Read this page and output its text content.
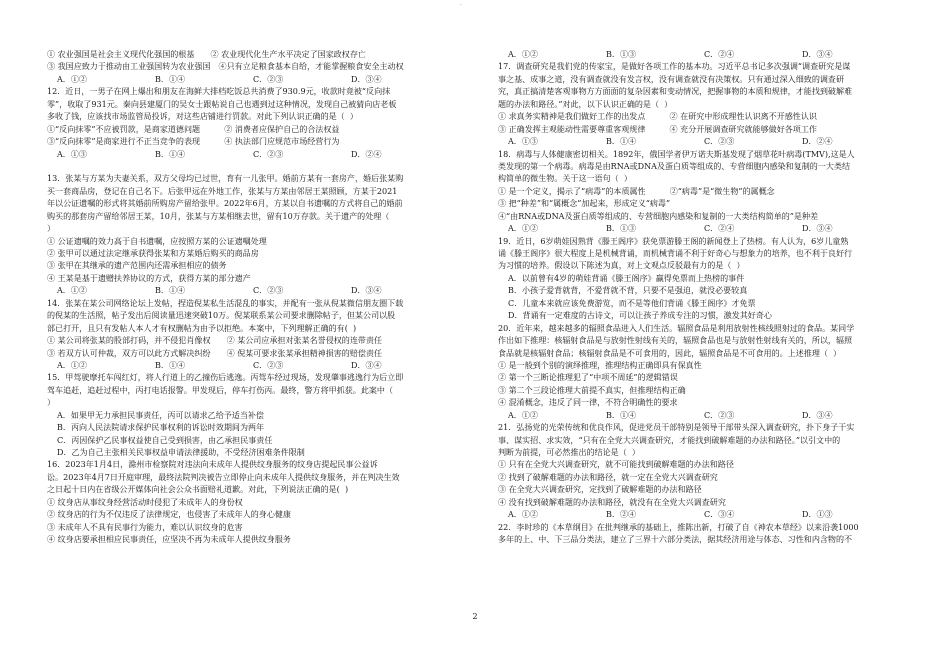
·
① 农业强国是社会主义现代化强国的根基　　② 农业现代化生产水平决定了国家政权存亡
③ 我国应致力于推动由工业强国转为农业强国　④只有立足粮食基本自给，才能掌握粮食安全主动权
A．①②	B．①④	C．②③	D．③④
12．近日，一男子在网上爆出和朋友在海鲜大排档吃饭总共消费了930.9元，收款时竟被“反向抹
零”，收取了931元。秦向县建厦门的吴女士跟帖说自己也遇到过这种情况，发现自己被猜向店老板
多收了钱，应该找市场监管局投诉，对这些店铺进行罚款。对此下列认识正确的是（  ）
①“反向抹零”不应被罚款，是商家道德问题　　　② 消费者应保护自己的合法权益
③“反向抹零”是商家进行不正当竞争的表现　　　④ 执法部门应规范市场经营行为
A．①③	B．①④	C．②③	D．②④
13．张某与方某为夫妻关系，双方父母均已过世，育有一儿张甲。婚前方某有一套房产，婚后张某购
买一套商品房，登记在自己名下。后张甲远在外地工作，张某与方某由邻居王某照顾，方某于2021
年以公证遗嘱的形式将其婚前所购房产留给张甲。2022年6月，方某以自书遗嘱的方式将自己的婚前
购买的那套房产留给邻居王某，10月，张某与方某相继去世，留有10万存款。关于遗产的处理（
）
① 公证遗嘱的效力高于自书遗嘱，应按照方某的公证遗嘱处理
② 张甲可以通过法定继承获得张某和方某婚后购买的商品房
③ 张甲在其继承的遗产范围内还需承担相应的债务
④ 王某是基于遗赠扶养协议的方式，获得方某的部分遗产
A．①②	B．①④	C．②③	D．③④
14．张某在某公司网络论坛上发帖，捏造倪某私生活混乱的事实，并配有一张从倪某微信朋友圈下载
的倪某的生活照，帖子发出后阅读量迅速突破10万。倪某联系某公司要求删除帖子，但某公司以股
部已打开，且只有发帖人本人才有权删帖为由予以拒绝。本案中，下列理解正确的有(  )
① 某公司将张某的股部打码，并不侵犯肖像权　　② 某公司应承担对张某名誉侵权的连带责任
③ 若双方认可仲裁，双方可以此方式解决纠纷　　④ 倪某可要求张某承担精神损害的赔偿责任
A．①②	B．①④	C．②③	D．③④
15．甲驾驶摩托车闯红灯，将人行道上的乙撞伤后逃逸。丙驾车经过现场，发现肇事逃逸行为后立即
驾车追赶，追赶过程中，丙打电话报警。甲发现后，停车打伤丙。最终，警方将甲抓获。此案中（
）
A．如果甲无力承担民事责任，丙可以请求乙给予适当补偿
B．丙向人民法院请求保护民事权利的诉讼时效期间为两年
C．丙因保护乙民事权益使自己受到损害，由乙承担民事责任
D．乙为自己主张相关民事权益申请法律援助，不受经济困难条件限制
16．2023年1月4日，滁州市检察院对违法向未成年人提供纹身服务的纹身店提起民事公益诉
讼。2023年4月7日开庭审理，最终法院判决被告立即停止向未成年人提供纹身服务，并在判决生效
之日起十日内在省级公开媒体向社会公众书面赔礼道歉。对此，下列说法正确的是(  )
① 纹身店从事纹身经营活动时侵犯了未成年人的身份权
② 纹身店的行为不仅违反了法律规定，也侵害了未成年人的身心健康
③ 未成年人不具有民事行为能力，难以认识纹身的危害
④ 纹身店要承担相应民事责任，应坚决不再为未成年人提供纹身服务
A．①②	B．①③	C．②④	D．③④
17．调查研究是我们党的传家宝，是做好各项工作的基本功。习近平总书记多次强调“调查研究是谋
事之基、成事之道，没有调查就没有发言权，没有调查就没有决策权。只有通过深入细致的调查研
究，真正搞清楚客观事物方方面面的复杂因素和变动情况，把握事物的本质和规律，才能找到破解难
题的办法和路径。”对此，以下认识正确的是（  ）
① 求真务实精神是我们做好工作的出发点　　　② 在研究中形成理性认识离不开感性认识
③ 正确发挥主观能动性需要尊重客观规律　　　④ 充分开展调查研究就能够做好各项工作
A．①③	B．①④	C．②③	D．②④
18．病毒与人体健康密切相关。1892年，俄国学者伊万诺夫斯基发现了烟草花叶病毒(TMV),这是人
类发现的第一个病毒。病毒是由RNA或DNA及蛋白质等组成的、专营细胞内感染和复制的一大类结
构简单的微生物。关于这一语句（  ）
① 是一个定义，揭示了“病毒”的本质属性　　　②“病毒”是“微生物”的属概念
③ 把“种差”和“属概念”加起来，形成定义“病毒”
④“由RNA或DNA及蛋白质等组成的、专营细胞内感染和复制的一大类结构简单的”是种差
A．①②	B．①③	C．②④	D．③④
19．近日，6岁萌娃因熟背《滕王阁序》获免票游滕王阁的新闻登上了热榜。有人认为，6岁儿童熟
诵《滕王阁序》很大程度上是机械背诵，而机械背诵不利于好奇心与想象力的培养，也不利于良好行
为习惯的培养。假设以下陈述为真，对上文观点反驳最有力的是（  ）
A．以前曾有4岁的萌娃背诵《滕王阁序》赢得免票而上热榜的事件
B．小孩子爱背就背，不爱背就不背，只要不是强迫，就没必要较真
C．儿童本来就应该免费游览，而不是等他们背诵《滕王阁序》才免票
D．背诵有一定难度的古诗文，可以让孩子养成专注的习惯，激发其好奇心
20．近年来，越来越多的辐照食品进入人们生活。辐照食品是利用放射性核线照射过的食品。某同学
作出如下推理：核辐射食品是与放射性射线有关的，辐照食品也是与放射性射线有关的，所以，辐照
食品就是核辐射食品；核辐射食品是不可食用的，因此，辐照食品是不可食用的。上述推理（  ）
① 是一般到个别的演绎推理，推理结构正确即具有保真性
② 第一个三断论推理犯了“中项不周延”的逻辑错误
③ 第二个三段论推理大前提不真实，但推理结构正确
④ 混淆概念，违反了同一律，不符合明确性的要求
A．①②	B．①④	C．②③	D．③④
21．弘扬党的光荣传统和优良作风，促进党员干部特别是领导干部带头深入调查研究，扑下身子干实
事、谋实招、求实效，“只有在全党大兴调查研究，才能找到破解难题的办法和路径。”以引文中的
判断为前提，可必然推出的结论是（  ）
① 只有在全党大兴调查研究，就不可能找到破解难题的办法和路径
② 找到了破解难题的办法和路径，就一定在全党大兴调查研究
③ 在全党大兴调查研究，定找到了破解难题的办法和路径
④ 没有找到破解难题的办法和路径，就没有在全党大兴调查研究
A．①②	B．②④	C．③④	D．①③
22．李时珍的《本草纲目》在批判继承的基础上，推陈出新，打破了自《神农本草经》以来沿袭1000
多年的上、中、下三品分类法，建立了三界十六部分类法，据其经济用途与体态、习性和内含物的不
2
